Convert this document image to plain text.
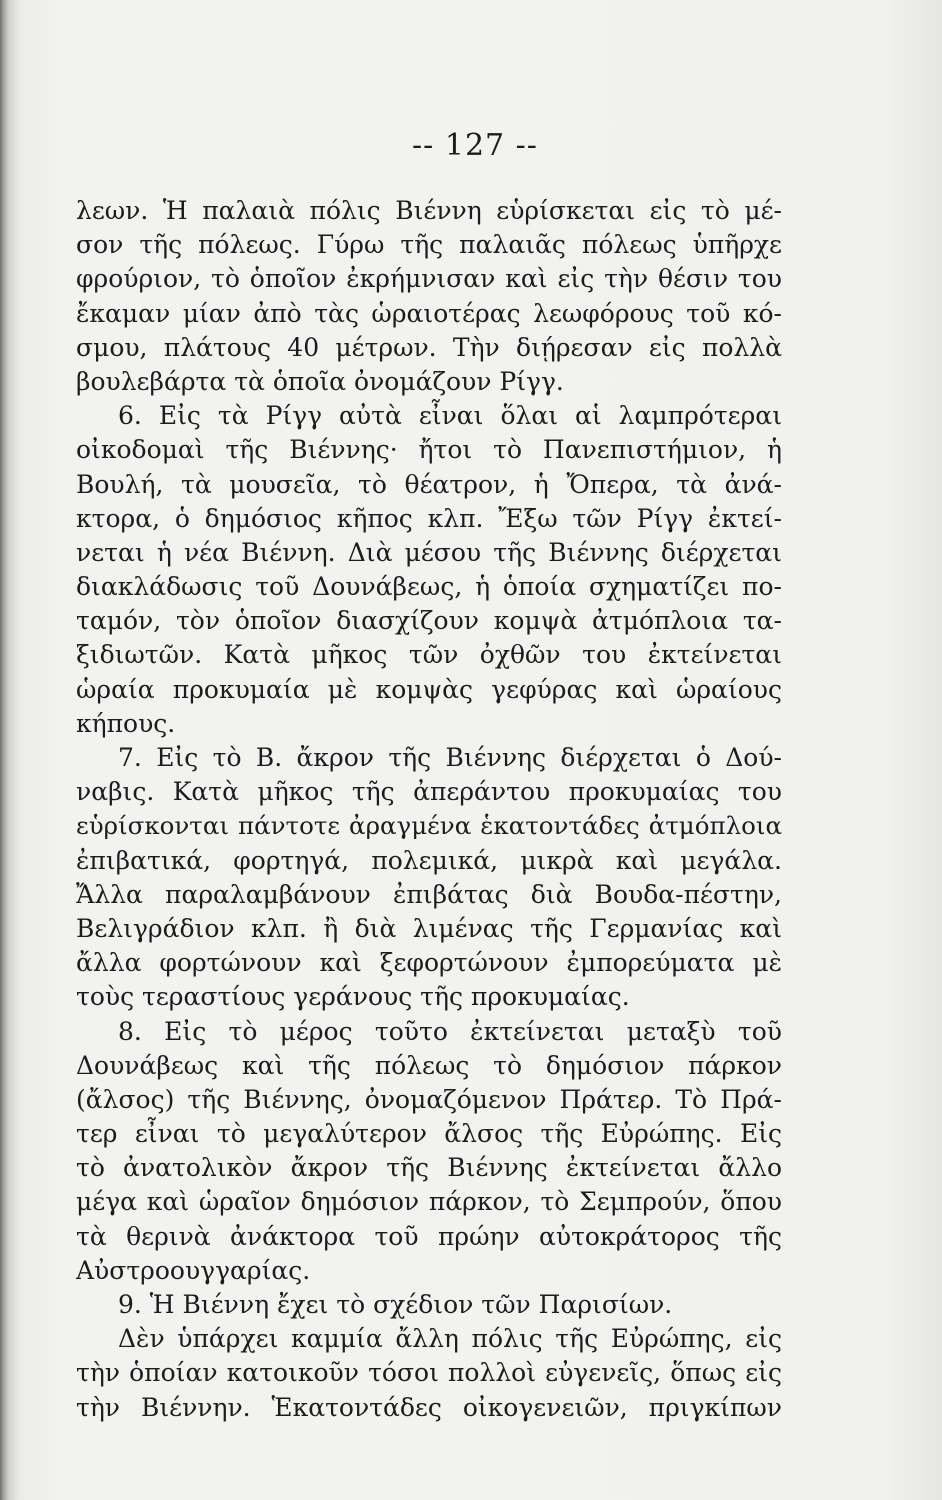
-- 127 --
λεων. Ἡ παλαιὰ πόλις Βιέννη εὑρίσκεται εἰς τὸ μέ-
σον τῆς πόλεως. Γύρω τῆς παλαιᾶς πόλεως ὑπῆρχε
φρούριον, τὸ ὁποῖον ἐκρήμνισαν καὶ εἰς τὴν θέσιν του
ἔκαμαν μίαν ἀπὸ τὰς ὡραιοτέρας λεωφόρους τοῦ κό-
σμου, πλάτους 40 μέτρων. Τὴν διῄρεσαν εἰς πολλὰ
βουλεβάρτα τὰ ὁποῖα ὀνομάζουν Ρίγγ.
6. Εἰς τὰ Ρίγγ αὐτὰ εἶναι ὅλαι αἱ λαμπρότεραι
οἰκοδομαὶ τῆς Βιέννης· ἤτοι τὸ Πανεπιστήμιον, ἡ
Βουλή, τὰ μουσεῖα, τὸ θέατρον, ἡ Ὄπερα, τὰ ἀνά-
κτορα, ὁ δημόσιος κῆπος κλπ. Ἔξω τῶν Ρίγγ ἐκτεί-
νεται ἡ νέα Βιέννη. Διὰ μέσου τῆς Βιέννης διέρχεται
διακλάδωσις τοῦ Δουνάβεως, ἡ ὁποία σχηματίζει πο-
ταμόν, τὸν ὁποῖον διασχίζουν κομψὰ ἀτμόπλοια τα-
ξιδιωτῶν. Κατὰ μῆκος τῶν ὀχθῶν του ἐκτείνεται
ὡραία προκυμαία μὲ κομψὰς γεφύρας καὶ ὡραίους
κήπους.
7. Εἰς τὸ Β. ἄκρον τῆς Βιέννης διέρχεται ὁ Δού-
ναβις. Κατὰ μῆκος τῆς ἀπεράντου προκυμαίας του
εὑρίσκονται πάντοτε ἀραγμένα ἑκατοντάδες ἀτμόπλοια
ἐπιβατικά, φορτηγά, πολεμικά, μικρὰ καὶ μεγάλα.
Ἄλλα παραλαμβάνουν ἐπιβάτας διὰ Βουδα-πέστην,
Βελιγράδιον κλπ. ἢ διὰ λιμένας τῆς Γερμανίας καὶ
ἄλλα φορτώνουν καὶ ξεφορτώνουν ἐμπορεύματα μὲ
τοὺς τεραστίους γεράνους τῆς προκυμαίας.
8. Εἰς τὸ μέρος τοῦτο ἐκτείνεται μεταξὺ τοῦ
Δουνάβεως καὶ τῆς πόλεως τὸ δημόσιον πάρκον
(ἄλσος) τῆς Βιέννης, ὀνομαζόμενον Πράτερ. Τὸ Πρά-
τερ εἶναι τὸ μεγαλύτερον ἄλσος τῆς Εὐρώπης. Εἰς
τὸ ἀνατολικὸν ἄκρον τῆς Βιέννης ἐκτείνεται ἄλλο
μέγα καὶ ὡραῖον δημόσιον πάρκον, τὸ Σεμπρούν, ὅπου
τὰ θερινὰ ἀνάκτορα τοῦ πρώην αὐτοκράτορος τῆς
Αὐστροουγγαρίας.
9. Ἡ Βιέννη ἔχει τὸ σχέδιον τῶν Παρισίων.
Δὲν ὑπάρχει καμμία ἄλλη πόλις τῆς Εὐρώπης, εἰς
τὴν ὁποίαν κατοικοῦν τόσοι πολλοὶ εὐγενεῖς, ὅπως εἰς
τὴν Βιέννην. Ἑκατοντάδες οἰκογενειῶν, πριγκίπων
